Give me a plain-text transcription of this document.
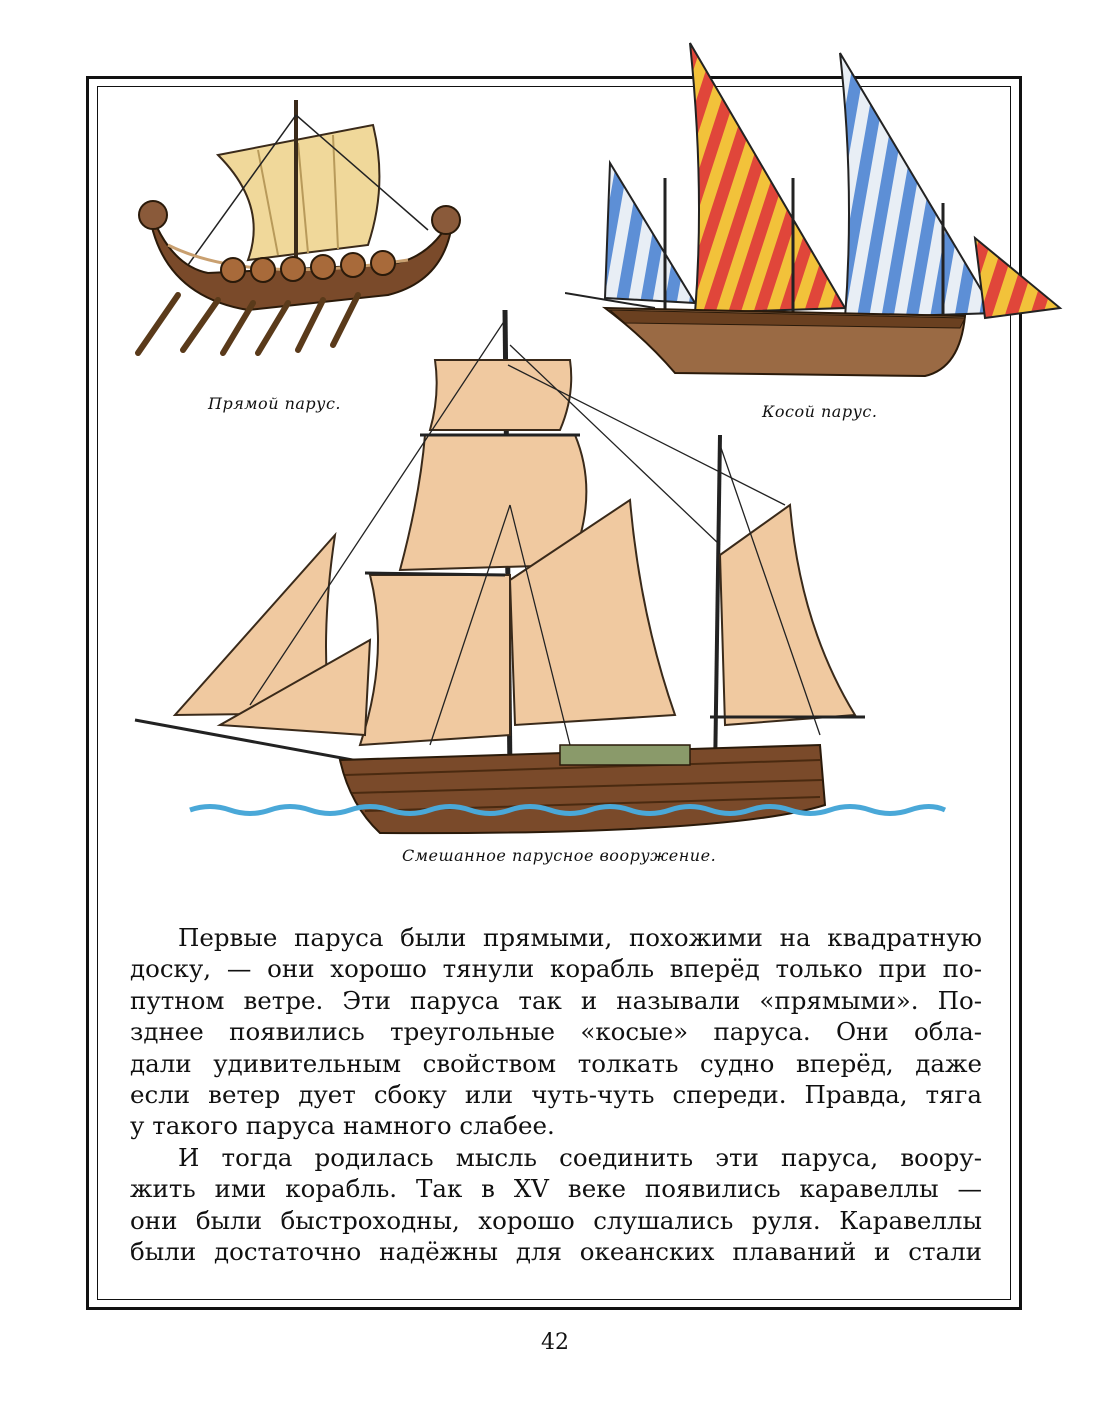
Прямой парус.	Косой парус.
Смешанное парусное вооружение.
Первые паруса были прямыми, похожими на квадратную
доску, — они хорошо тянули корабль вперёд только при по-
путном ветре. Эти паруса так и называли «прямыми». По-
зднее появились треугольные «косые» паруса. Они обла-
дали удивительным свойством толкать судно вперёд, даже
если ветер дует сбоку или чуть-чуть спереди. Правда, тяга
у такого паруса намного слабее.
И тогда родилась мысль соединить эти паруса, воору-
жить ими корабль. Так в XV веке появились каравеллы —
они были быстроходны, хорошо слушались руля. Каравеллы
были достаточно надёжны для океанских плаваний и стали
42
